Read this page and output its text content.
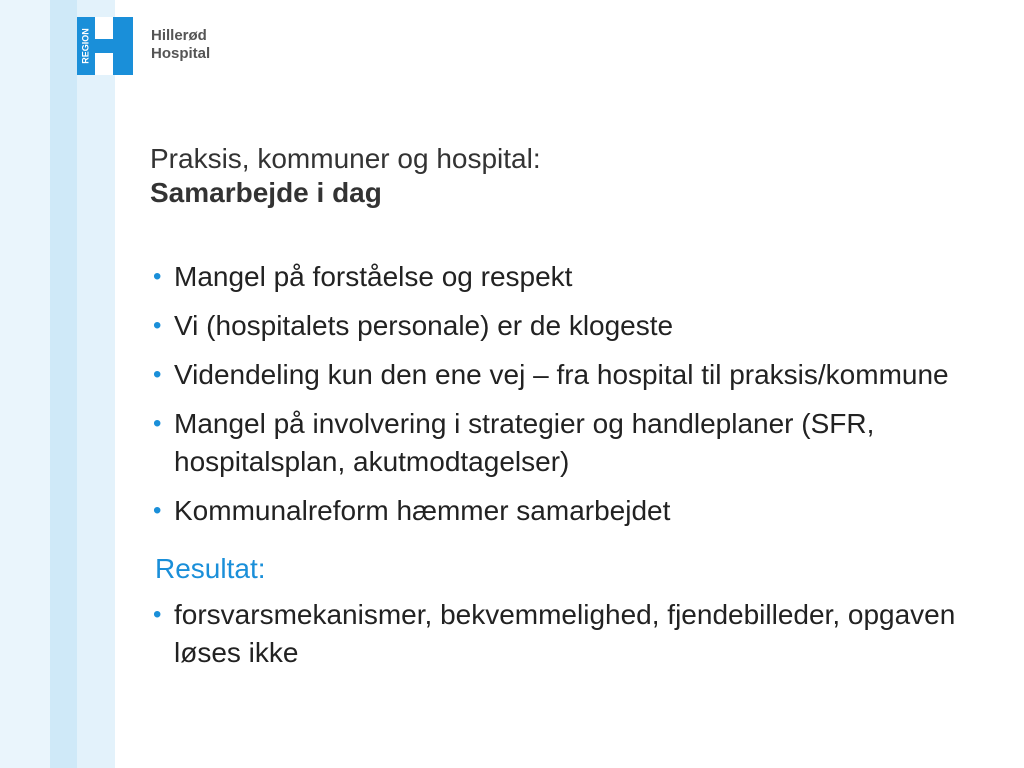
REGION	Hillerød
Hospital
Praksis, kommuner og hospital:
Samarbejde i dag
• Mangel på forståelse og respekt
• Vi (hospitalets personale) er de klogeste
• Videndeling kun den ene vej – fra hospital til praksis/kommune
• Mangel på involvering i strategier og handleplaner (SFR, hospitalsplan, akutmodtagelser)
• Kommunalreform hæmmer samarbejdet
Resultat:
• forsvarsmekanismer, bekvemmelighed, fjendebilleder, opgaven løses ikke
